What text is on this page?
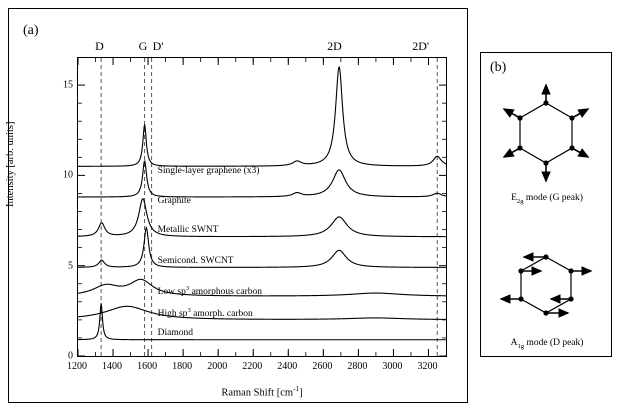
(a)
1200 1400 1600 1800 2000 2200 2400 2600 2800 3000 3200
0
5
10
15
D	G D'	2D	2D'
Single-layer graphene (x3)
Graphite
Metallic SWNT
Semicond. SWCNT
Low $sp^3$ amorphous carbon
High $sp^3$ amorph. carbon
Diamond
Intensity [arb. units]
Raman Shift $[cm^{-1}]$
(b)
$E_{2g}$ mode (G peak)
$A_{1g}$ mode (D peak)
